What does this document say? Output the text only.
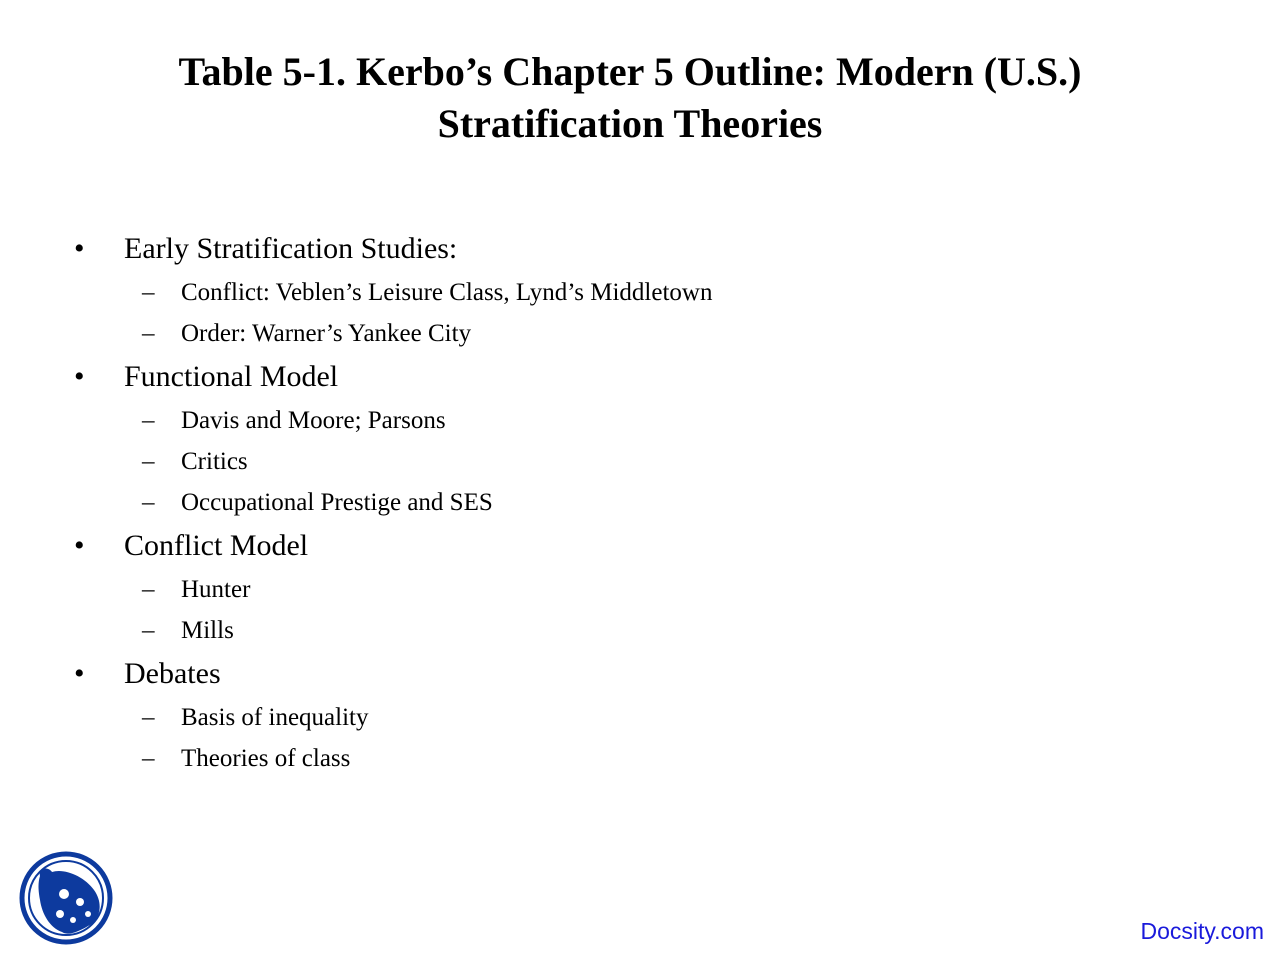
Table 5-1. Kerbo’s Chapter 5 Outline: Modern (U.S.)
Stratification Theories
• Early Stratification Studies:
– Conflict: Veblen’s Leisure Class, Lynd’s Middletown
– Order: Warner’s Yankee City
• Functional Model
– Davis and Moore; Parsons
– Critics
– Occupational Prestige and SES
• Conflict Model
– Hunter
– Mills
• Debates
– Basis of inequality
– Theories of class
Docsity.com
